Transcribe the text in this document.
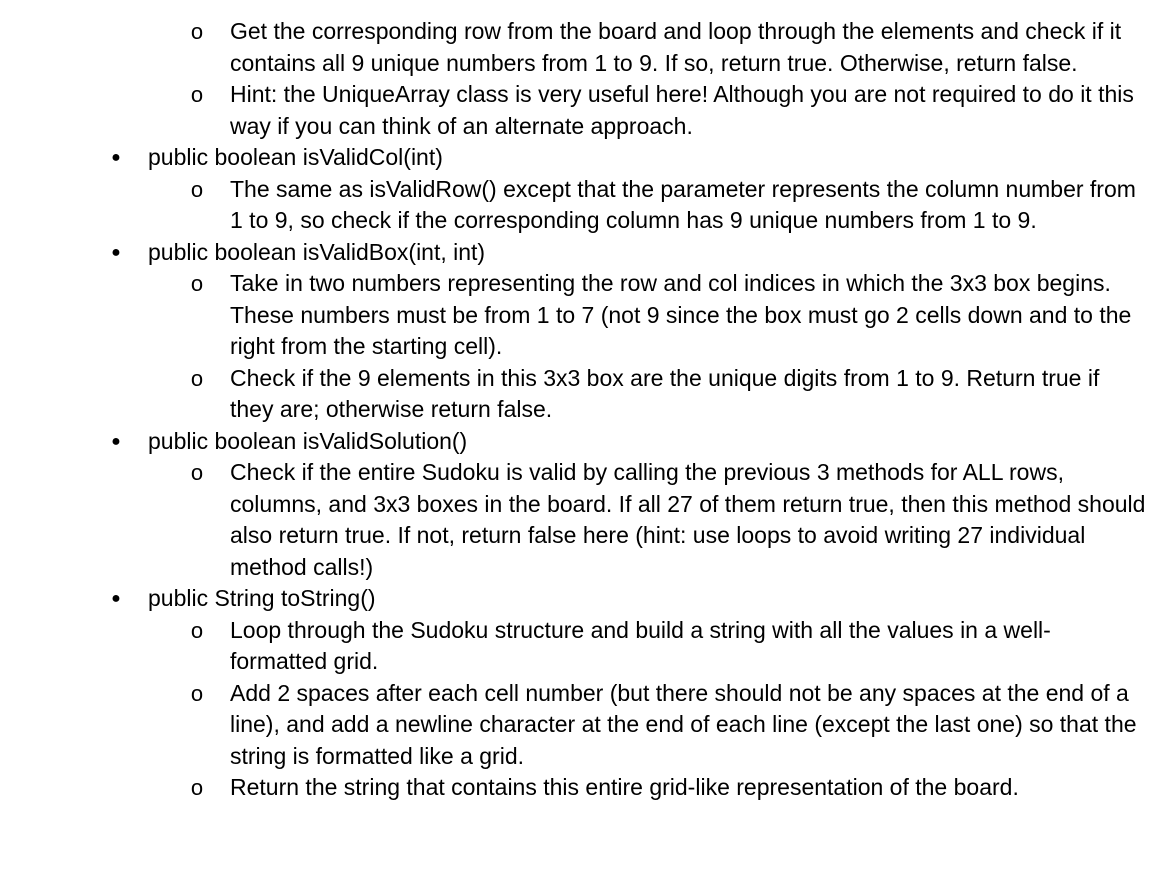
o Get the corresponding row from the board and loop through the elements and check if it contains all 9 unique numbers from 1 to 9. If so, return true. Otherwise, return false.
o Hint: the UniqueArray class is very useful here! Although you are not required to do it this way if you can think of an alternate approach.
● public boolean isValidCol(int)
o The same as isValidRow() except that the parameter represents the column number from 1 to 9, so check if the corresponding column has 9 unique numbers from 1 to 9.
● public boolean isValidBox(int, int)
o Take in two numbers representing the row and col indices in which the 3x3 box begins. These numbers must be from 1 to 7 (not 9 since the box must go 2 cells down and to the right from the starting cell).
o Check if the 9 elements in this 3x3 box are the unique digits from 1 to 9. Return true if they are; otherwise return false.
● public boolean isValidSolution()
o Check if the entire Sudoku is valid by calling the previous 3 methods for ALL rows, columns, and 3x3 boxes in the board. If all 27 of them return true, then this method should also return true. If not, return false here (hint: use loops to avoid writing 27 individual method calls!)
● public String toString()
o Loop through the Sudoku structure and build a string with all the values in a well-formatted grid.
o Add 2 spaces after each cell number (but there should not be any spaces at the end of a line), and add a newline character at the end of each line (except the last one) so that the string is formatted like a grid.
o Return the string that contains this entire grid-like representation of the board.
